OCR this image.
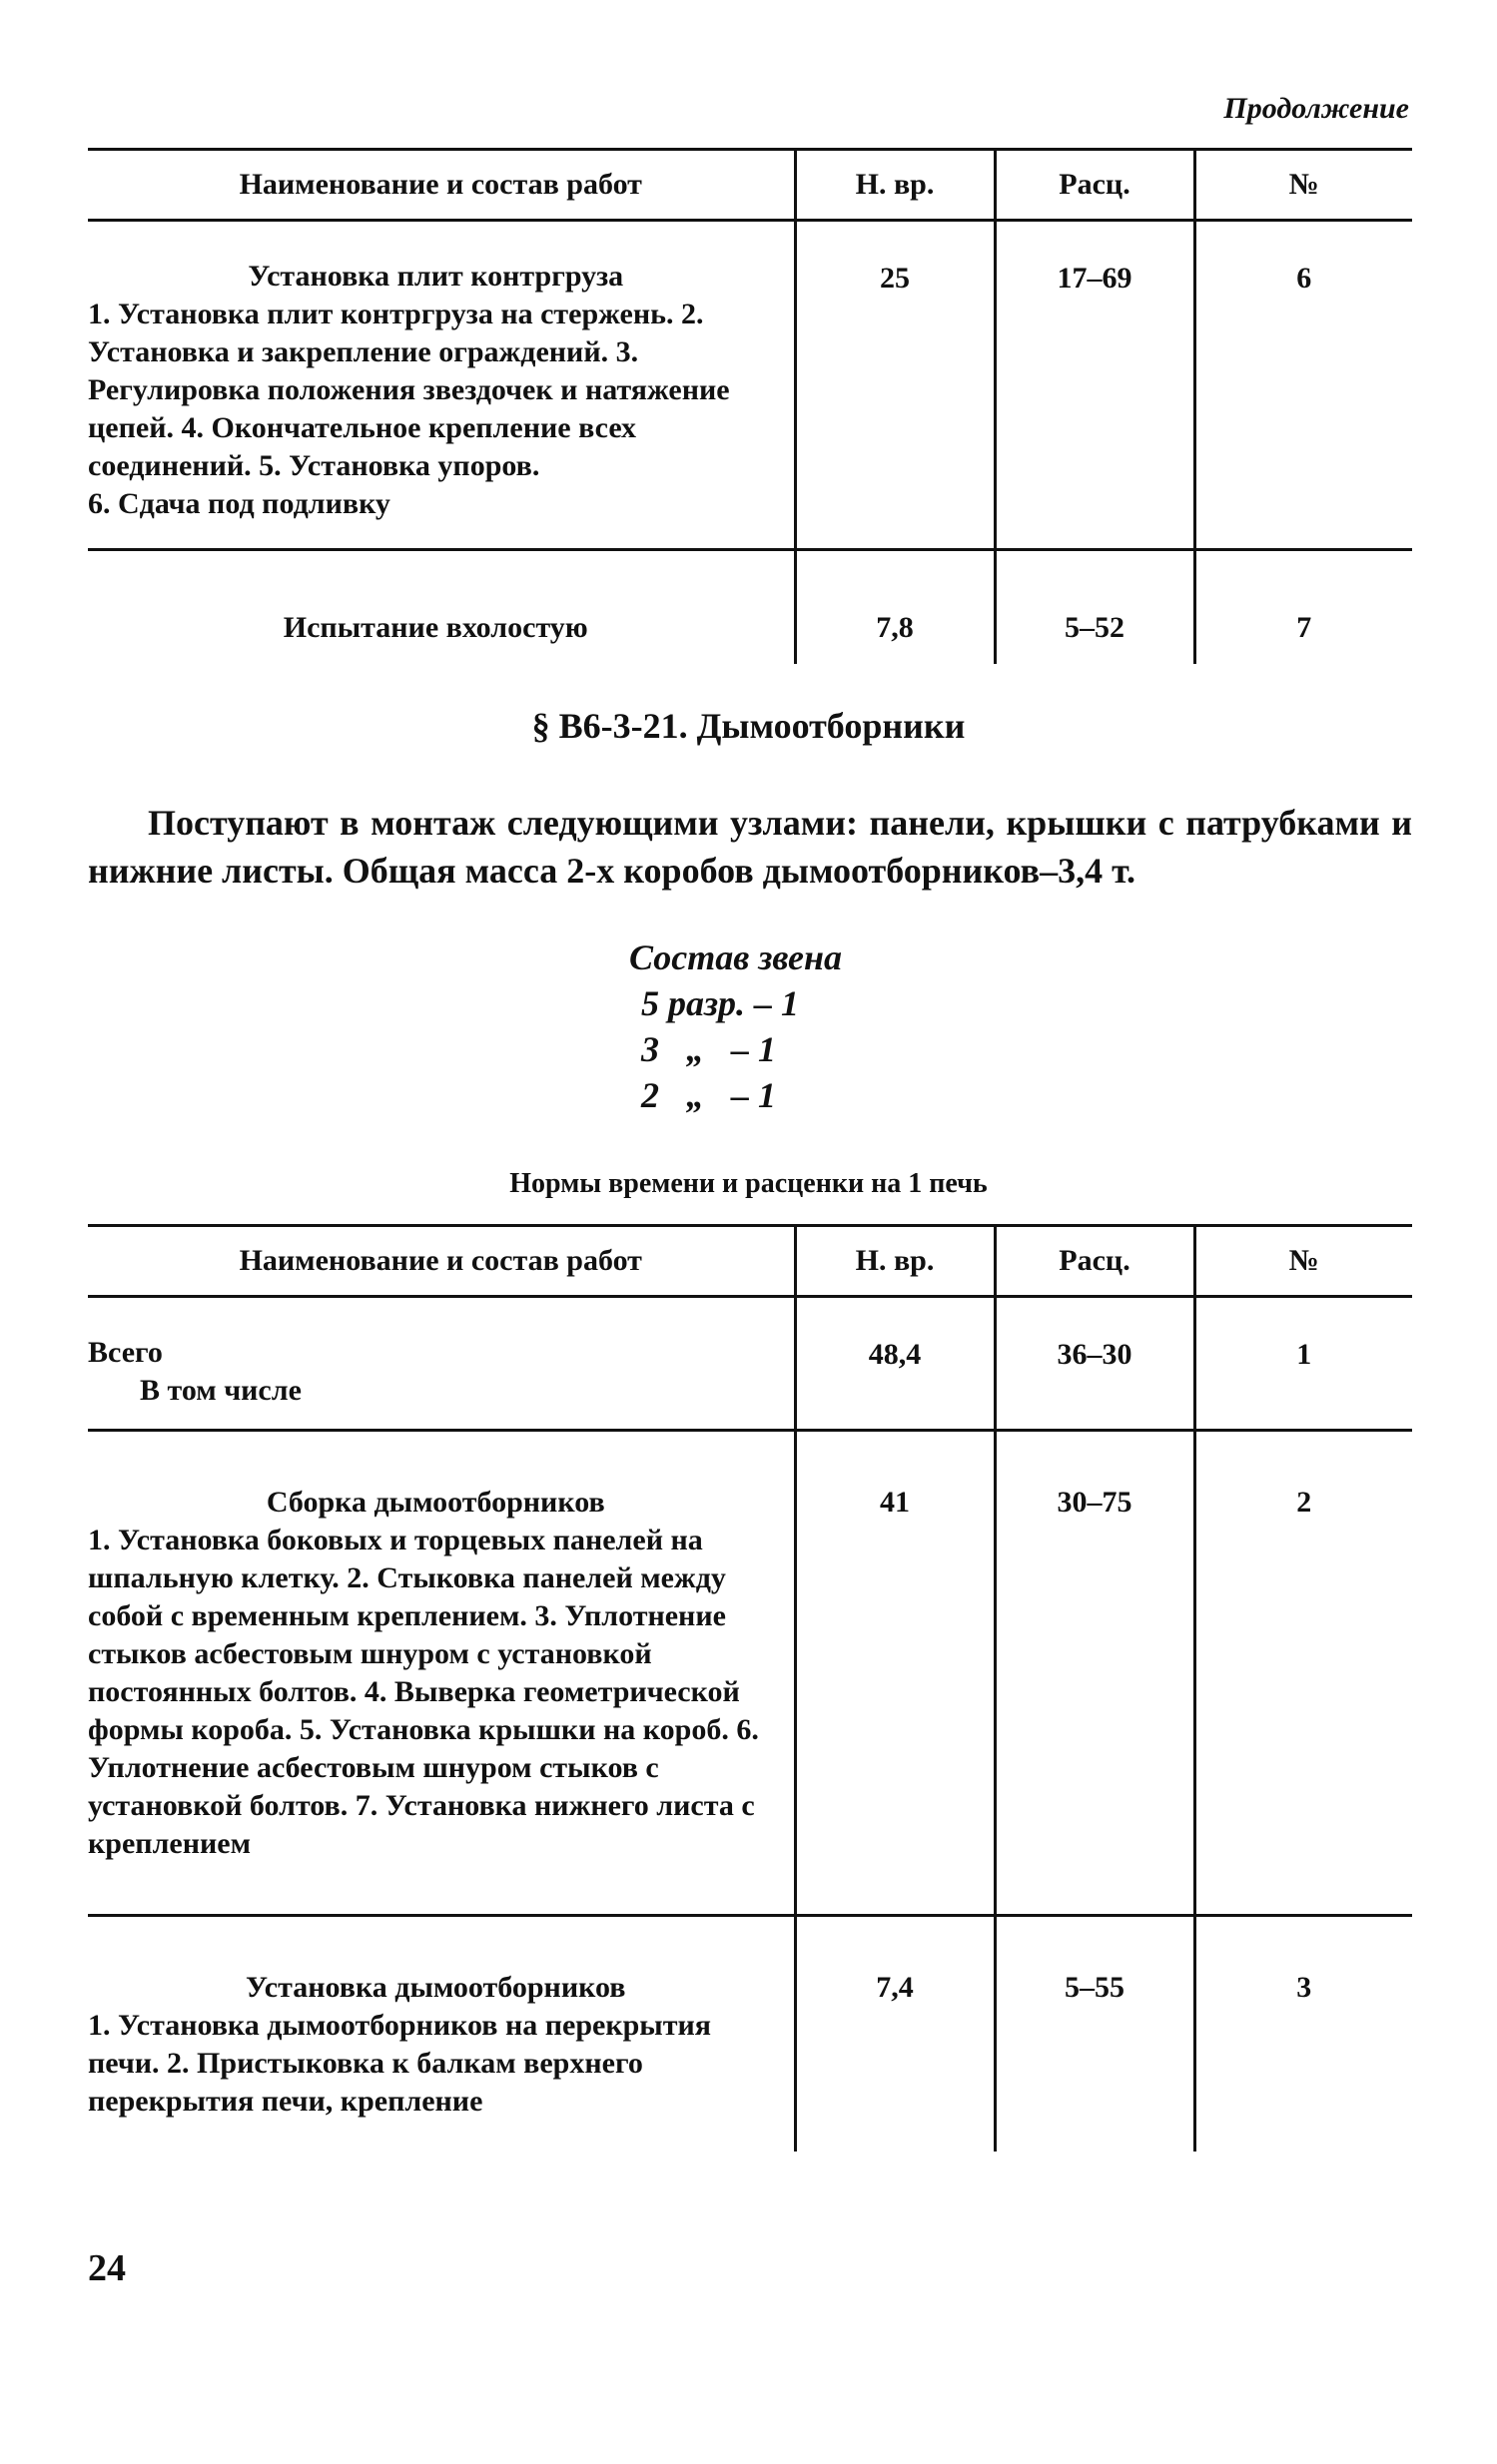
Продолжение
Наименование и состав работ	Н. вр.	Расц.	№

Установка плит контргруза
1. Установка плит контргруза на стержень. 2. Установка и закрепление ограждений. 3. Регулировка положения звездочек и натяжение цепей. 4. Окончательное крепление всех соединений. 5. Установка упоров.
6. Сдача под подливку	25	17–69	6

Испытание вхолостую	7,8	5–52	7
§ В6-3-21. Дымоотборники
Поступают в монтаж следующими узлами: панели, крышки с патрубками и нижние листы. Общая масса 2-х коробов дымоотборников–3,4 т.
Состав звена
5 разр. – 1
3   „   – 1
2   „   – 1
Нормы времени и расценки на 1 печь
Наименование и состав работ	Н. вр.	Расц.	№

Всего
В том числе	48,4	36–30	1

Сборка дымоотборников
1. Установка боковых и торцевых панелей на шпальную клетку. 2. Стыковка панелей между собой с временным креплением. 3. Уплотнение стыков асбестовым шнуром с установкой постоянных болтов. 4. Выверка геометрической формы короба. 5. Установка крышки на короб. 6. Уплотнение асбестовым шнуром стыков с установкой болтов. 7. Установка нижнего листа с креплением	41	30–75	2

Установка дымоотборников
1. Установка дымоотборников на перекрытия печи. 2. Пристыковка к балкам верхнего перекрытия печи, крепление	7,4	5–55	3
24
